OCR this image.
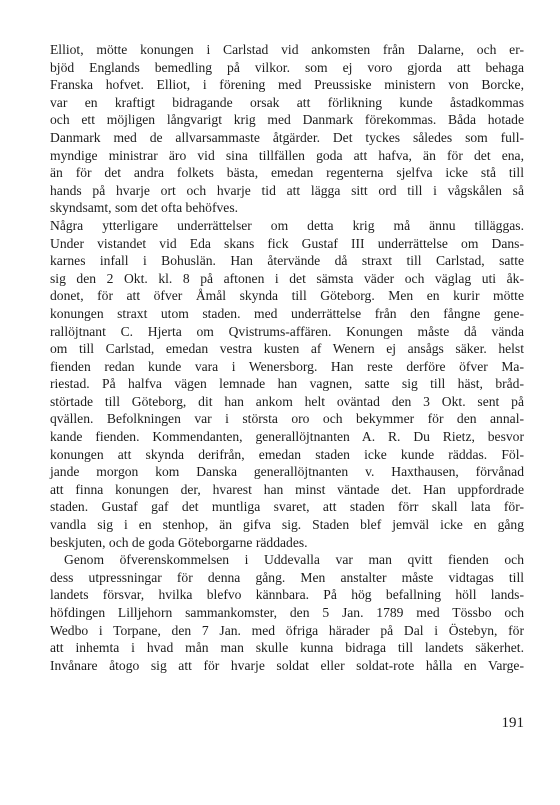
Elliot, mötte konungen i Carlstad vid ankomsten från Dalarne, och er-
bjöd Englands bemedling på vilkor. som ej voro gjorda att behaga
Franska hofvet. Elliot, i förening med Preussiske ministern von Borcke,
var en kraftigt bidragande orsak att förlikning kunde åstadkommas
och ett möjligen långvarigt krig med Danmark förekommas. Båda hotade
Danmark med de allvarsammaste åtgärder. Det tyckes således som full-
myndige ministrar äro vid sina tillfällen goda att hafva, än för det ena,
än för det andra folkets bästa, emedan regenterna sjelfva icke stå till
hands på hvarje ort och hvarje tid att lägga sitt ord till i vågskålen så
skyndsamt, som det ofta behöfves.
Några ytterligare underrättelser om detta krig må ännu tilläggas.
Under vistandet vid Eda skans fick Gustaf III underrättelse om Dans-
karnes infall i Bohuslän. Han återvände då straxt till Carlstad, satte
sig den 2 Okt. kl. 8 på aftonen i det sämsta väder och väglag uti åk-
donet, för att öfver Åmål skynda till Göteborg. Men en kurir mötte
konungen straxt utom staden. med underrättelse från den fångne gene-
rallöjtnant C. Hjerta om Qvistrums-affären. Konungen måste då vända
om till Carlstad, emedan vestra kusten af Wenern ej ansågs säker. helst
fienden redan kunde vara i Wenersborg. Han reste derföre öfver Ma-
riestad. På halfva vägen lemnade han vagnen, satte sig till häst, bråd-
störtade till Göteborg, dit han ankom helt oväntad den 3 Okt. sent på
qvällen. Befolkningen var i största oro och bekymmer för den annal-
kande fienden. Kommendanten, generallöjtnanten A. R. Du Rietz, besvor
konungen att skynda derifrån, emedan staden icke kunde räddas. Föl-
jande morgon kom Danska generallöjtnanten v. Haxthausen, förvånad
att finna konungen der, hvarest han minst väntade det. Han uppfordrade
staden. Gustaf gaf det muntliga svaret, att staden förr skall lata för-
vandla sig i en stenhop, än gifva sig. Staden blef jemväl icke en gång
beskjuten, och de goda Göteborgarne räddades.
Genom öfverenskommelsen i Uddevalla var man qvitt fienden och
dess utpressningar för denna gång. Men anstalter måste vidtagas till
landets försvar, hvilka blefvo kännbara. På hög befallning höll lands-
höfdingen Lilljehorn sammankomster, den 5 Jan. 1789 med Tössbo och
Wedbo i Torpane, den 7 Jan. med öfriga härader på Dal i Östebyn, för
att inhemta i hvad mån man skulle kunna bidraga till landets säkerhet.
Invånare åtogo sig att för hvarje soldat eller soldat-rote hålla en Varge-
191
